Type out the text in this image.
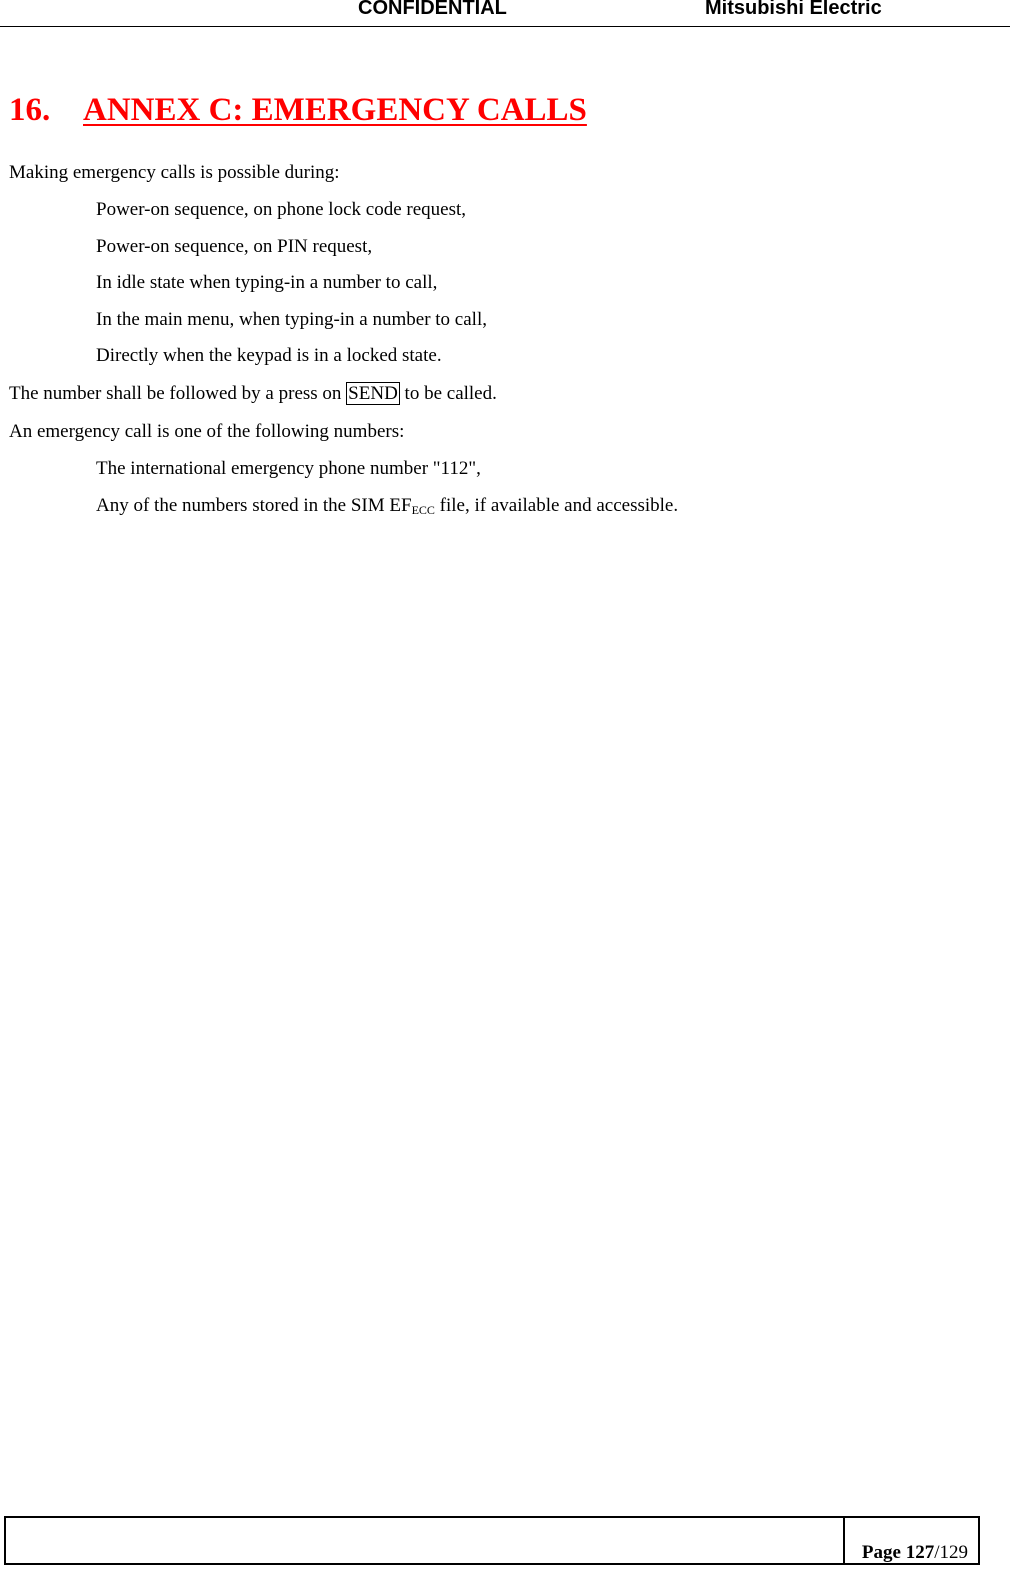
CONFIDENTIAL	Mitsubishi Electric
16. ANNEX C: EMERGENCY CALLS
Making emergency calls is possible during:
Power-on sequence, on phone lock code request,
Power-on sequence, on PIN request,
In idle state when typing-in a number to call,
In the main menu, when typing-in a number to call,
Directly when the keypad is in a locked state.
The number shall be followed by a press on SEND to be called.
An emergency call is one of the following numbers:
The international emergency phone number "112",
Any of the numbers stored in the SIM $EF_{ECC}$ file, if available and accessible.
Page 127/129
